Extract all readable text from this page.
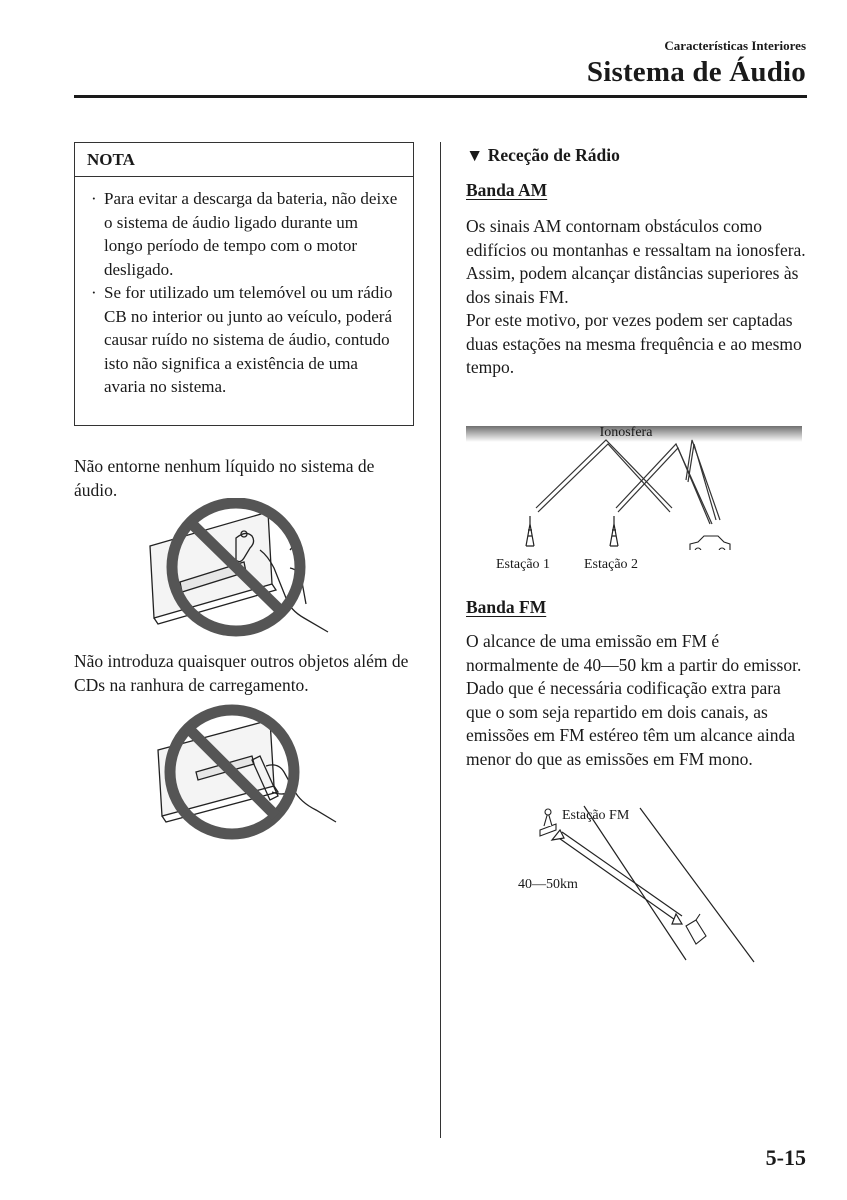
Características Interiores
Sistema de Áudio
NOTA
· Para evitar a descarga da bateria, não deixe o sistema de áudio ligado durante um longo período de tempo com o motor desligado.
· Se for utilizado um telemóvel ou um rádio CB no interior ou junto ao veículo, poderá causar ruído no sistema de áudio, contudo isto não significa a existência de uma avaria no sistema.
Não entorne nenhum líquido no sistema de áudio.
Não introduza quaisquer outros objetos além de CDs na ranhura de carregamento.
▼ Receção de Rádio
Banda AM
Os sinais AM contornam obstáculos como edifícios ou montanhas e ressaltam na ionosfera.
Assim, podem alcançar distâncias superiores às dos sinais FM.
Por este motivo, por vezes podem ser captadas duas estações na mesma frequência e ao mesmo tempo.
Ionosfera
Estação 1 Estação 2
Banda FM
O alcance de uma emissão em FM é normalmente de 40—50 km a partir do emissor. Dado que é necessária codificação extra para que o som seja repartido em dois canais, as emissões em FM estéreo têm um alcance ainda menor do que as emissões em FM mono.
Estação FM
40—50km
5-15
